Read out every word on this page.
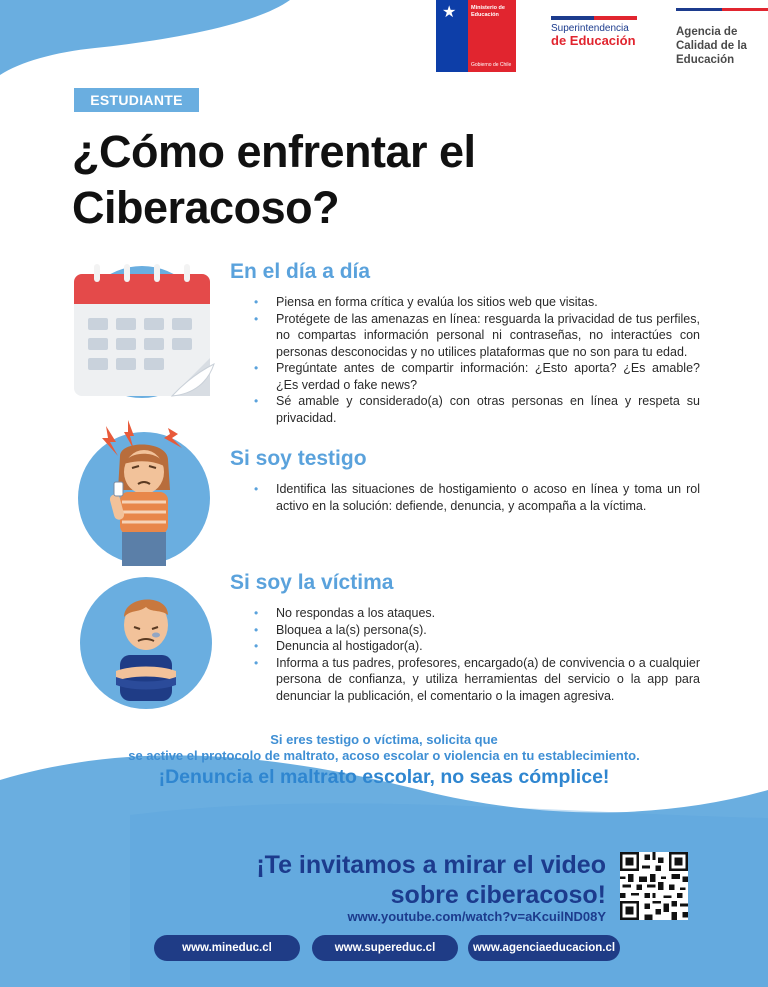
★	Ministerio de Educación
Gobierno de Chile
Superintendencia
de Educación
Agencia de
Calidad de la
Educación
ESTUDIANTE
¿Cómo enfrentar el
Ciberacoso?
En el día a día
• Piensa en forma crítica y evalúa los sitios web que visitas.
• Protégete de las amenazas en línea: resguarda la privacidad de tus perfiles, no compartas información personal ni contraseñas, no interactúes con personas desconocidas y no utilices plataformas que no son para tu edad.
• Pregúntate antes de compartir información: ¿Esto aporta? ¿Es amable? ¿Es verdad o fake news?
• Sé amable y considerado(a) con otras personas en línea y respeta su privacidad.
Si soy testigo
• Identifica las situaciones de hostigamiento o acoso en línea y toma un rol activo en la solución: defiende, denuncia, y acompaña a la víctima.
Si soy la víctima
• No respondas a los ataques.
• Bloquea a la(s) persona(s).
• Denuncia al hostigador(a).
• Informa a tus padres, profesores, encargado(a) de convivencia o a cualquier persona de confianza, y utiliza herramientas del servicio o la app para denunciar la publicación, el comentario o la imagen agresiva.
Si eres testigo o víctima, solicita que
se active el protocolo de maltrato, acoso escolar o violencia en tu establecimiento.
¡Denuncia el maltrato escolar, no seas cómplice!
¡Te invitamos a mirar el video
sobre ciberacoso!
www.youtube.com/watch?v=aKcuilND08Y
www.mineduc.cl	www.supereduc.cl	www.agenciaeducacion.cl
